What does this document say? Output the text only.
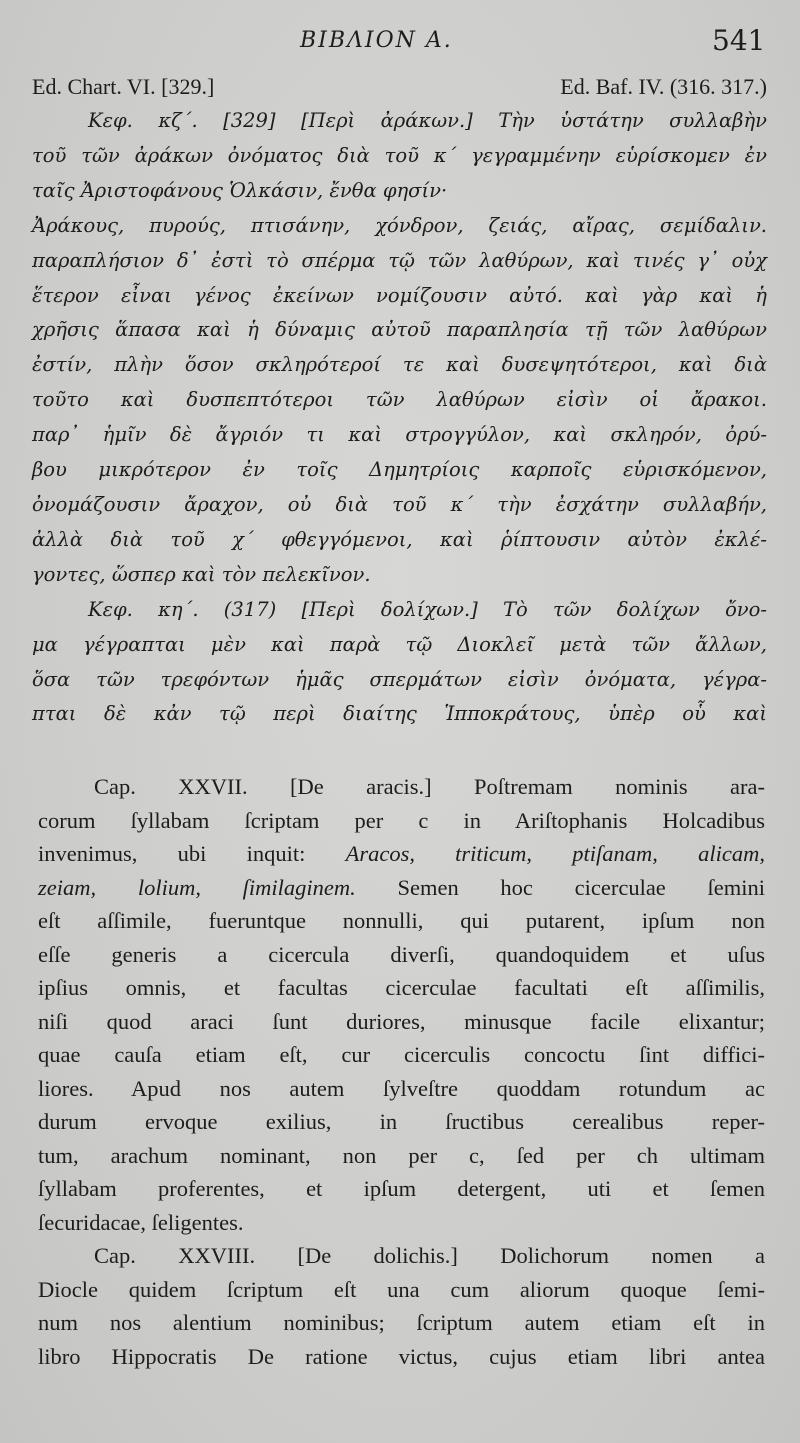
ΒΙΒΛΙΟΝ Α.	541
Ed. Chart. VI. [329.]	Ed. Baf. IV. (316. 317.)
Κεφ. κζ΄. [329] [Περὶ ἀράκων.] Τὴν ὑστάτην συλλαβὴν
τοῦ τῶν ἀράκων ὀνόματος διὰ τοῦ κ΄ γεγραμμένην εὑρίσκομεν ἐν
ταῖς Ἀριστοφάνους Ὁλκάσιν, ἔνθα φησίν·
Ἀράκους, πυρούς, πτισάνην, χόνδρον, ζειάς, αἴρας, σεμίδαλιν.
παραπλήσιον δ᾽ ἐστὶ τὸ σπέρμα τῷ τῶν λαθύρων, καὶ τινές γ᾽ οὐχ
ἕτερον εἶναι γένος ἐκείνων νομίζουσιν αὐτό. καὶ γὰρ καὶ ἡ
χρῆσις ἅπασα καὶ ἡ δύναμις αὐτοῦ παραπλησία τῇ τῶν λαθύρων
ἐστίν, πλὴν ὅσον σκληρότεροί τε καὶ δυσεψητότεροι, καὶ διὰ
τοῦτο καὶ δυσπεπτότεροι τῶν λαθύρων εἰσὶν οἱ ἄρακοι.
παρ᾽ ἡμῖν δὲ ἄγριόν τι καὶ στρογγύλον, καὶ σκληρόν, ὀρύ-
βου μικρότερον ἐν τοῖς Δημητρίοις καρποῖς εὑρισκόμενον,
ὀνομάζουσιν ἄραχον, οὐ διὰ τοῦ κ΄ τὴν ἐσχάτην συλλαβήν,
ἀλλὰ διὰ τοῦ χ΄ φθεγγόμενοι, καὶ ῥίπτουσιν αὐτὸν ἐκλέ-
γοντες, ὥσπερ καὶ τὸν πελεκῖνον.
Κεφ. κη΄. (317) [Περὶ δολίχων.] Τὸ τῶν δολίχων ὄνο-
μα γέγραπται μὲν καὶ παρὰ τῷ Διοκλεῖ μετὰ τῶν ἄλλων,
ὅσα τῶν τρεφόντων ἡμᾶς σπερμάτων εἰσὶν ὀνόματα, γέγρα-
πται δὲ κἀν τῷ περὶ διαίτης Ἱπποκράτους, ὑπὲρ οὗ καὶ
Cap. XXVII. [De aracis.] Poſtremam nominis ara-
corum ſyllabam ſcriptam per c in Ariſtophanis Holcadibus
invenimus, ubi inquit: Aracos, triticum, ptiſanam, alicam,
zeiam, lolium, ſimilaginem. Semen hoc cicerculae ſemini
eſt aſſimile, fueruntque nonnulli, qui putarent, ipſum non
eſſe generis a cicercula diverſi, quandoquidem et uſus
ipſius omnis, et facultas cicerculae facultati eſt aſſimilis,
niſi quod araci ſunt duriores, minusque facile elixantur;
quae cauſa etiam eſt, cur cicerculis concoctu ſint diffici-
liores. Apud nos autem ſylveſtre quoddam rotundum ac
durum ervoque exilius, in ſructibus cerealibus reper-
tum, arachum nominant, non per c, ſed per ch ultimam
ſyllabam proferentes, et ipſum detergent, uti et ſemen
ſecuridacae, ſeligentes.
Cap. XXVIII. [De dolichis.] Dolichorum nomen a
Diocle quidem ſcriptum eſt una cum aliorum quoque ſemi-
num nos alentium nominibus; ſcriptum autem etiam eſt in
libro Hippocratis De ratione victus, cujus etiam libri antea
